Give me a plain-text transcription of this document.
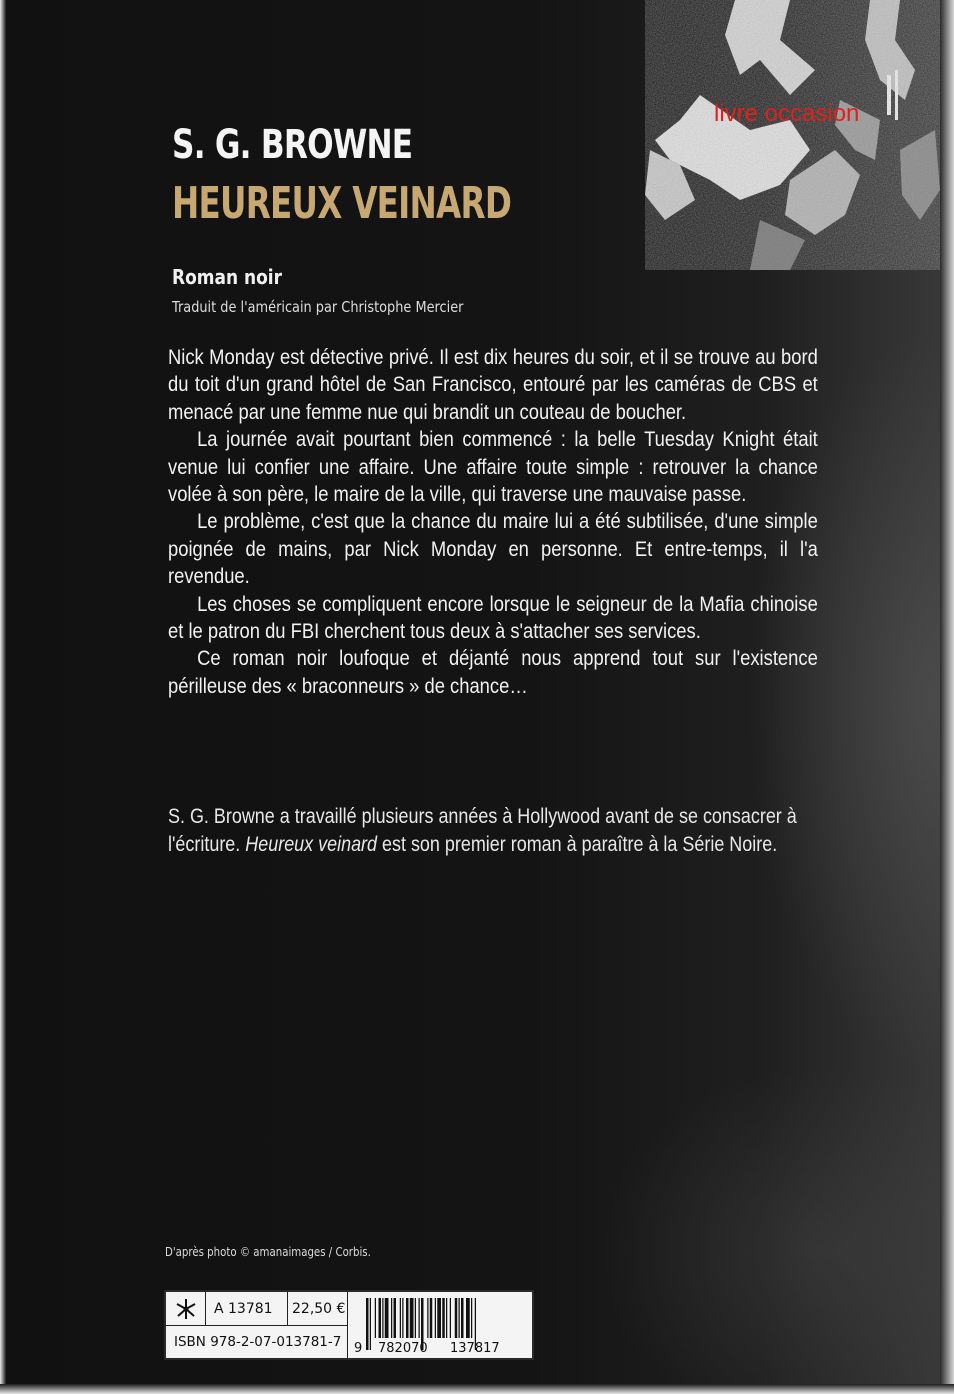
S. G. BROWNE
HEUREUX VEINARD
livre occasion
Roman noir
Traduit de l'américain par Christophe Mercier

Nick Monday est détective privé. Il est dix heures du soir, et il se trouve au bord du toit d'un grand hôtel de San Francisco, entouré par les caméras de CBS et menacé par une femme nue qui brandit un couteau de boucher.

La journée avait pourtant bien commencé : la belle Tuesday Knight était venue lui confier une affaire. Une affaire toute simple : retrouver la chance volée à son père, le maire de la ville, qui traverse une mauvaise passe.

Le problème, c'est que la chance du maire lui a été subtilisée, d'une simple poignée de mains, par Nick Monday en personne. Et entre-temps, il l'a revendue.

Les choses se compliquent encore lorsque le seigneur de la Mafia chinoise et le patron du FBI cherchent tous deux à s'attacher ses services.

Ce roman noir loufoque et déjanté nous apprend tout sur l'existence périlleuse des « braconneurs » de chance…

S. G. Browne a travaillé plusieurs années à Hollywood avant de se consacrer à l'écriture. Heureux veinard est son premier roman à paraître à la Série Noire.

D'après photo © amanaimages / Corbis.
A 13781	22,50 €
ISBN 978-2-07-013781-7 9 782070 137817
